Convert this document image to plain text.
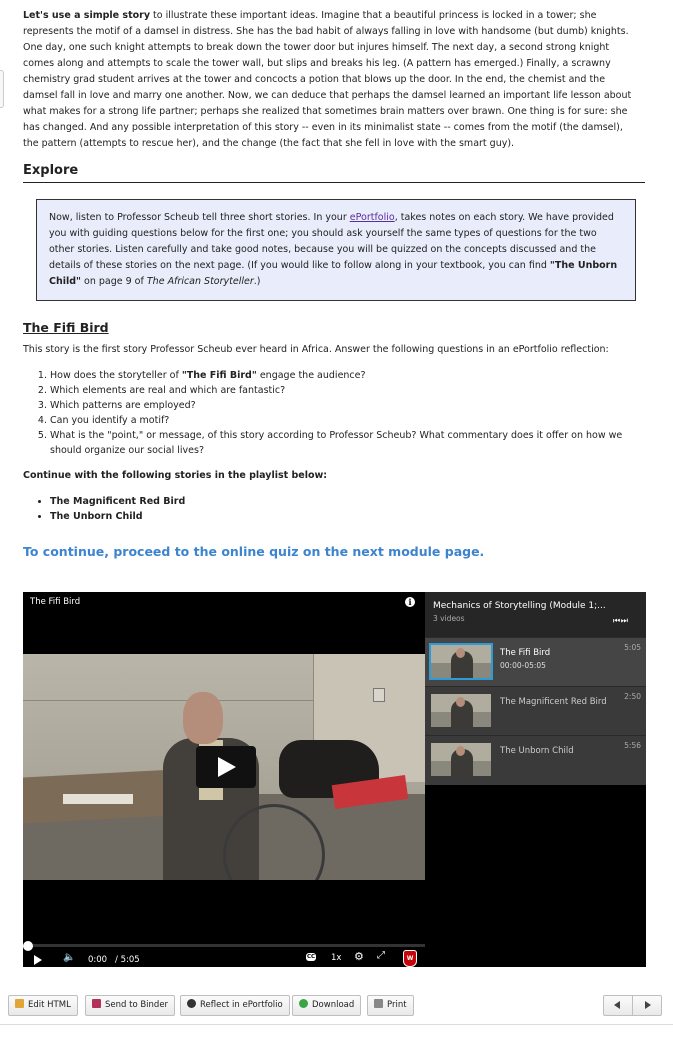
Let's use a simple story to illustrate these important ideas. Imagine that a beautiful princess is locked in a tower; she represents the motif of a damsel in distress. She has the bad habit of always falling in love with handsome (but dumb) knights. One day, one such knight attempts to break down the tower door but injures himself. The next day, a second strong knight comes along and attempts to scale the tower wall, but slips and breaks his leg. (A pattern has emerged.) Finally, a scrawny chemistry grad student arrives at the tower and concocts a potion that blows up the door. In the end, the chemist and the damsel fall in love and marry one another. Now, we can deduce that perhaps the damsel learned an important life lesson about what makes for a strong life partner; perhaps she realized that sometimes brain matters over brawn. One thing is for sure: she has changed. And any possible interpretation of this story -- even in its minimalist state -- comes from the motif (the damsel), the pattern (attempts to rescue her), and the change (the fact that she fell in love with the smart guy).

Explore
Now, listen to Professor Scheub tell three short stories. In your ePortfolio, takes notes on each story. We have provided you with guiding questions below for the first one; you should ask yourself the same types of questions for the two other stories. Listen carefully and take good notes, because you will be quizzed on the concepts discussed and the details of these stories on the next page. (If you would like to follow along in your textbook, you can find "The Unborn Child" on page 9 of The African Storyteller.)
The Fifi Bird

This story is the first story Professor Scheub ever heard in Africa. Answer the following questions in an ePortfolio reflection:

1. How does the storyteller of "The Fifi Bird" engage the audience?
2. Which elements are real and which are fantastic?
3. Which patterns are employed?
4. Can you identify a motif?
5. What is the "point," or message, of this story according to Professor Scheub? What commentary does it offer on how we should organize our social lives?

Continue with the following stories in the playlist below:

• The Magnificent Red Bird
• The Unborn Child

To continue, proceed to the online quiz on the next module page.

The Fifi Bird	i
🔈 0:00 / 5:05	CC 1x ⚙ ⤢	W
Mechanics of Storytelling (Module 1;...
3 videos	⏮ ⏭
The Fifi Bird
00:00-05:05
5:05
The Magnificent Red Bird
2:50
The Unborn Child
5:56
Edit HTML	Send to Binder	Reflect in ePortfolio	Download	Print
